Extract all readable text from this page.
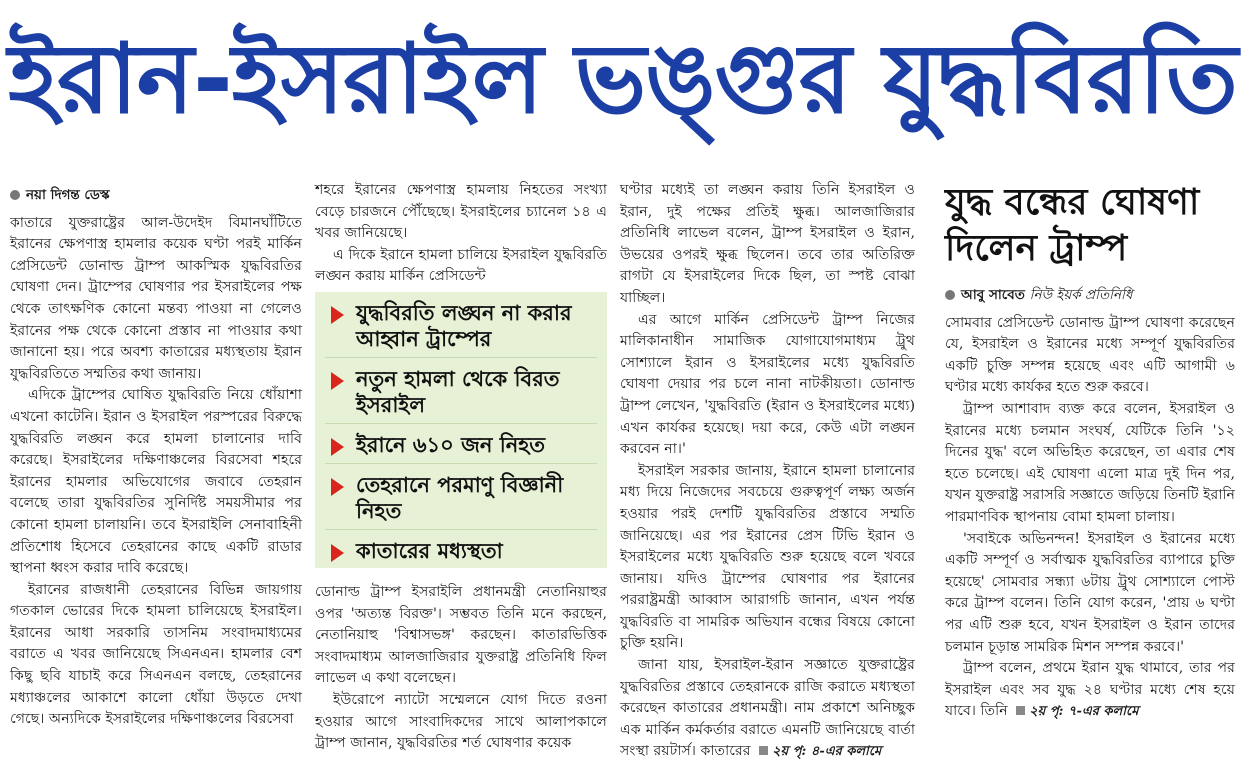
ইরান-ইসরাইল ভঙ্গুর যুদ্ধবিরতি
নয়া দিগন্ত ডেস্ক

কাতারে যুক্তরাষ্ট্রের আল-উদেইদ বিমানঘাঁটিতে ইরানের ক্ষেপণাস্ত্র হামলার কয়েক ঘণ্টা পরই মার্কিন প্রেসিডেন্ট ডোনাল্ড ট্রাম্প আকস্মিক যুদ্ধবিরতির ঘোষণা দেন। ট্রাম্পের ঘোষণার পর ইসরাইলের পক্ষ থেকে তাৎক্ষণিক কোনো মন্তব্য পাওয়া না গেলেও ইরানের পক্ষ থেকে কোনো প্রস্তাব না পাওয়ার কথা জানানো হয়। পরে অবশ্য কাতারের মধ্যস্থতায় ইরান যুদ্ধবিরতিতে সম্মতির কথা জানায়।

এদিকে ট্রাম্পের ঘোষিত যুদ্ধবিরতি নিয়ে ধোঁয়াশা এখনো কাটেনি। ইরান ও ইসরাইল পরস্পরের বিরুদ্ধে যুদ্ধবিরতি লঙ্ঘন করে হামলা চালানোর দাবি করেছে। ইসরাইলের দক্ষিণাঞ্চলের বিরসেবা শহরে ইরানের হামলার অভিযোগের জবাবে তেহরান বলেছে তারা যুদ্ধবিরতির সুনির্দিষ্ট সময়সীমার পর কোনো হামলা চালায়নি। তবে ইসরাইলি সেনাবাহিনী প্রতিশোধ হিসেবে তেহরানের কাছে একটি রাডার স্থাপনা ধ্বংস করার দাবি করেছে।

ইরানের রাজধানী তেহরানের বিভিন্ন জায়গায় গতকাল ভোরের দিকে হামলা চালিয়েছে ইসরাইল। ইরানের আধা সরকারি তাসনিম সংবাদমাধ্যমের বরাতে এ খবর জানিয়েছে সিএনএন। হামলার বেশ কিছু ছবি যাচাই করে সিএনএন বলছে, তেহরানের মধ্যাঞ্চলের আকাশে কালো ধোঁয়া উড়তে দেখা গেছে। অন্যদিকে ইসরাইলের দক্ষিণাঞ্চলের বিরসেবা

শহরে ইরানের ক্ষেপণাস্ত্র হামলায় নিহতের সংখ্যা বেড়ে চারজনে পৌঁছেছে। ইসরাইলের চ্যানেল ১৪ এ খবর জানিয়েছে।

এ দিকে ইরানে হামলা চালিয়ে ইসরাইল যুদ্ধবিরতি লঙ্ঘন করায় মার্কিন প্রেসিডেন্ট

যুদ্ধবিরতি লঙ্ঘন না করার আহ্বান ট্রাম্পের
নতুন হামলা থেকে বিরত ইসরাইল
ইরানে ৬১০ জন নিহত
তেহরানে পরমাণু বিজ্ঞানী নিহত
কাতারের মধ্যস্থতা

ডোনাল্ড ট্রাম্প ইসরাইলি প্রধানমন্ত্রী নেতানিয়াহুর ওপর 'অত্যন্ত বিরক্ত'। সম্ভবত তিনি মনে করছেন, নেতানিয়াহু 'বিশ্বাসভঙ্গ' করছেন। কাতারভিত্তিক সংবাদমাধ্যম আলজাজিরার যুক্তরাষ্ট্র প্রতিনিধি ফিল লাভেল এ কথা বলেছেন।

ইউরোপে ন্যাটো সম্মেলনে যোগ দিতে রওনা হওয়ার আগে সাংবাদিকদের সাথে আলাপকালে ট্রাম্প জানান, যুদ্ধবিরতির শর্ত ঘোষণার কয়েক

ঘণ্টার মধ্যেই তা লঙ্ঘন করায় তিনি ইসরাইল ও ইরান, দুই পক্ষের প্রতিই ক্ষুব্ধ। আলজাজিরার প্রতিনিধি লাভেল বলেন, ট্রাম্প ইসরাইল ও ইরান, উভয়ের ওপরই ক্ষুব্ধ ছিলেন। তবে তার অতিরিক্ত রাগটা যে ইসরাইলের দিকে ছিল, তা স্পষ্ট বোঝা যাচ্ছিল।

এর আগে মার্কিন প্রেসিডেন্ট ট্রাম্প নিজের মালিকানাধীন সামাজিক যোগাযোগমাধ্যম ট্রুথ সোশ্যালে ইরান ও ইসরাইলের মধ্যে যুদ্ধবিরতি ঘোষণা দেয়ার পর চলে নানা নাটকীয়তা। ডোনাল্ড ট্রাম্প লেখেন, 'যুদ্ধবিরতি (ইরান ও ইসরাইলের মধ্যে) এখন কার্যকর হয়েছে। দয়া করে, কেউ এটা লঙ্ঘন করবেন না।'

ইসরাইল সরকার জানায়, ইরানে হামলা চালানোর মধ্য দিয়ে নিজেদের সবচেয়ে গুরুত্বপূর্ণ লক্ষ্য অর্জন হওয়ার পরই দেশটি যুদ্ধবিরতির প্রস্তাবে সম্মতি জানিয়েছে। এর পর ইরানের প্রেস টিভি ইরান ও ইসরাইলের মধ্যে যুদ্ধবিরতি শুরু হয়েছে বলে খবরে জানায়। যদিও ট্রাম্পের ঘোষণার পর ইরানের পররাষ্ট্রমন্ত্রী আব্বাস আরাগচি জানান, এখন পর্যন্ত যুদ্ধবিরতি বা সামরিক অভিযান বন্ধের বিষয়ে কোনো চুক্তি হয়নি।

জানা যায়, ইসরাইল-ইরান সজ্ঞাতে যুক্তরাষ্ট্রের যুদ্ধবিরতির প্রস্তাবে তেহরানকে রাজি করাতে মধ্যস্থতা করেছেন কাতারের প্রধানমন্ত্রী। নাম প্রকাশে অনিচ্ছুক এক মার্কিন কর্মকর্তার বরাতে এমনটি জানিয়েছে বার্তা সংস্থা রয়টার্স। কাতারের ২য় পৃ: ৪-এর কলামে

যুদ্ধ বন্ধের ঘোষণা দিলেন ট্রাম্প
আবু সাবেত নিউ ইয়র্ক প্রতিনিধি

সোমবার প্রেসিডেন্ট ডোনাল্ড ট্রাম্প ঘোষণা করেছেন যে, ইসরাইল ও ইরানের মধ্যে সম্পূর্ণ যুদ্ধবিরতির একটি চুক্তি সম্পন্ন হয়েছে এবং এটি আগামী ৬ ঘণ্টার মধ্যে কার্যকর হতে শুরু করবে।

ট্রাম্প আশাবাদ ব্যক্ত করে বলেন, ইসরাইল ও ইরানের মধ্যে চলমান সংঘর্ষ, যেটিকে তিনি '১২ দিনের যুদ্ধ' বলে অভিহিত করেছেন, তা এবার শেষ হতে চলেছে। এই ঘোষণা এলো মাত্র দুই দিন পর, যখন যুক্তরাষ্ট্র সরাসরি সজ্ঞাতে জড়িয়ে তিনটি ইরানি পারমাণবিক স্থাপনায় বোমা হামলা চালায়।

'সবাইকে অভিনন্দন! ইসরাইল ও ইরানের মধ্যে একটি সম্পূর্ণ ও সর্বাত্মক যুদ্ধবিরতির ব্যাপারে চুক্তি হয়েছে' সোমবার সন্ধ্যা ৬টায় ট্রুথ সোশ্যালে পোস্ট করে ট্রাম্প বলেন। তিনি যোগ করেন, 'প্রায় ৬ ঘণ্টা পর এটি শুরু হবে, যখন ইসরাইল ও ইরান তাদের চলমান চূড়ান্ত সামরিক মিশন সম্পন্ন করবে।'

ট্রাম্প বলেন, প্রথমে ইরান যুদ্ধ থামাবে, তার পর ইসরাইল এবং সব যুদ্ধ ২৪ ঘণ্টার মধ্যে শেষ হয়ে যাবে। তিনি ২য় পৃ: ৭-এর কলামে
